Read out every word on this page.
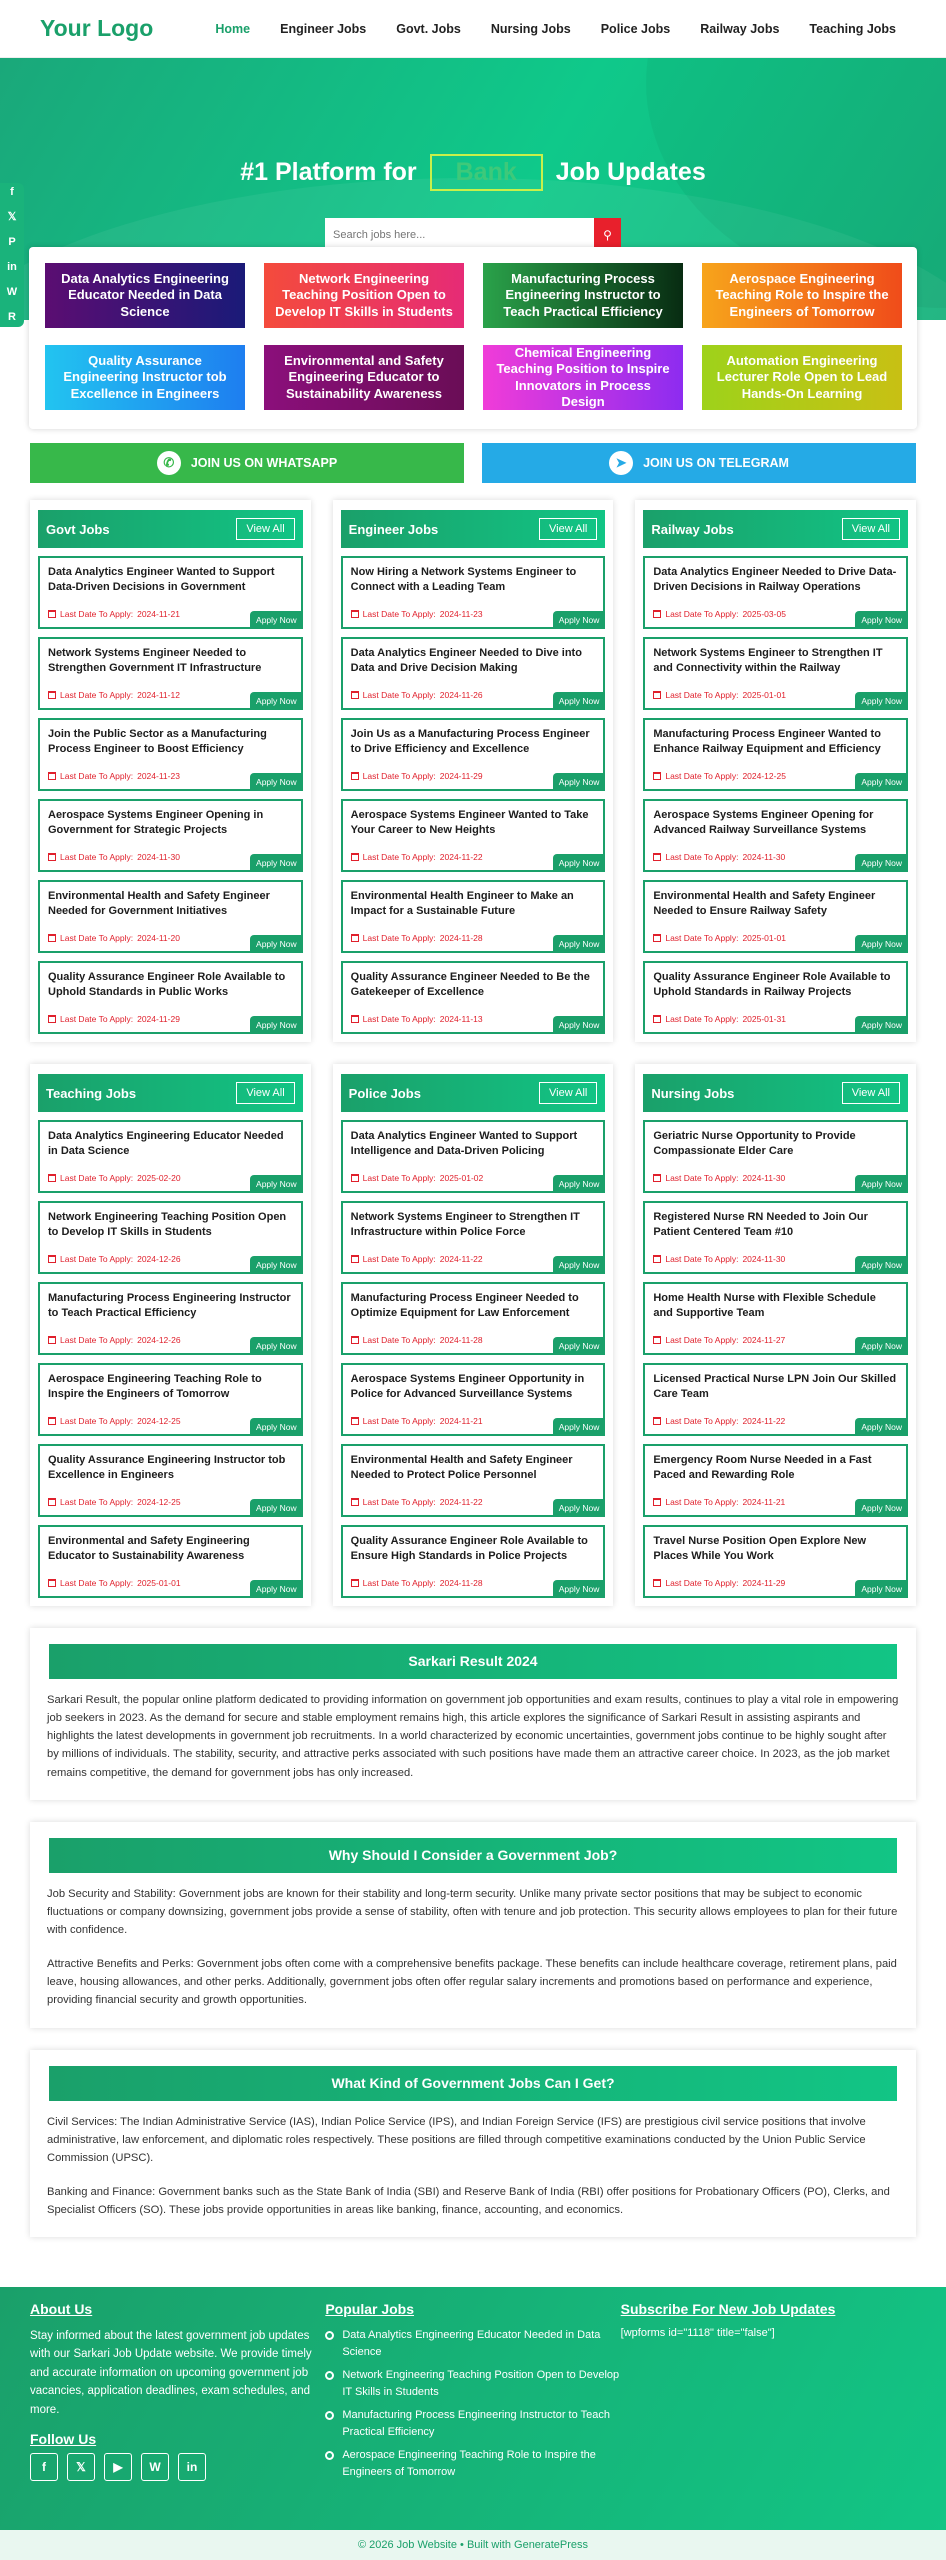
Your Logo	Home Engineer Jobs Govt. Jobs Nursing Jobs Police Jobs Railway Jobs Teaching Jobs
#1 Platform for Bank Job Updates
Search jobs here...
⚲
f
𝕏
P
in
W
R
Data Analytics Engineering Educator Needed in Data Science
Network Engineering Teaching Position Open to Develop IT Skills in Students
Manufacturing Process Engineering Instructor to Teach Practical Efficiency
Aerospace Engineering Teaching Role to Inspire the Engineers of Tomorrow
Quality Assurance Engineering Instructor tob Excellence in Engineers
Environmental and Safety Engineering Educator to Sustainability Awareness
Chemical Engineering Teaching Position to Inspire Innovators in Process Design
Automation Engineering Lecturer Role Open to Lead Hands-On Learning
✆	JOIN US ON WHATSAPP	➤	JOIN US ON TELEGRAM
Govt Jobs	View All
Data Analytics Engineer Wanted to Support Data-Driven Decisions in Government
Last Date To Apply: 2024-11-21
Apply Now
Network Systems Engineer Needed to Strengthen Government IT Infrastructure
Last Date To Apply: 2024-11-12
Apply Now
Join the Public Sector as a Manufacturing Process Engineer to Boost Efficiency
Last Date To Apply: 2024-11-23
Apply Now
Aerospace Systems Engineer Opening in Government for Strategic Projects
Last Date To Apply: 2024-11-30
Apply Now
Environmental Health and Safety Engineer Needed for Government Initiatives
Last Date To Apply: 2024-11-20
Apply Now
Quality Assurance Engineer Role Available to Uphold Standards in Public Works
Last Date To Apply: 2024-11-29
Apply Now
Engineer Jobs	View All
Now Hiring a Network Systems Engineer to Connect with a Leading Team
Last Date To Apply: 2024-11-23
Apply Now
Data Analytics Engineer Needed to Dive into Data and Drive Decision Making
Last Date To Apply: 2024-11-26
Apply Now
Join Us as a Manufacturing Process Engineer to Drive Efficiency and Excellence
Last Date To Apply: 2024-11-29
Apply Now
Aerospace Systems Engineer Wanted to Take Your Career to New Heights
Last Date To Apply: 2024-11-22
Apply Now
Environmental Health Engineer to Make an Impact for a Sustainable Future
Last Date To Apply: 2024-11-28
Apply Now
Quality Assurance Engineer Needed to Be the Gatekeeper of Excellence
Last Date To Apply: 2024-11-13
Apply Now
Railway Jobs	View All
Data Analytics Engineer Needed to Drive Data-Driven Decisions in Railway Operations
Last Date To Apply: 2025-03-05
Apply Now
Network Systems Engineer to Strengthen IT and Connectivity within the Railway
Last Date To Apply: 2025-01-01
Apply Now
Manufacturing Process Engineer Wanted to Enhance Railway Equipment and Efficiency
Last Date To Apply: 2024-12-25
Apply Now
Aerospace Systems Engineer Opening for Advanced Railway Surveillance Systems
Last Date To Apply: 2024-11-30
Apply Now
Environmental Health and Safety Engineer Needed to Ensure Railway Safety
Last Date To Apply: 2025-01-01
Apply Now
Quality Assurance Engineer Role Available to Uphold Standards in Railway Projects
Last Date To Apply: 2025-01-31
Apply Now
Teaching Jobs	View All
Data Analytics Engineering Educator Needed in Data Science
Last Date To Apply: 2025-02-20
Apply Now
Network Engineering Teaching Position Open to Develop IT Skills in Students
Last Date To Apply: 2024-12-26
Apply Now
Manufacturing Process Engineering Instructor to Teach Practical Efficiency
Last Date To Apply: 2024-12-26
Apply Now
Aerospace Engineering Teaching Role to Inspire the Engineers of Tomorrow
Last Date To Apply: 2024-12-25
Apply Now
Quality Assurance Engineering Instructor tob Excellence in Engineers
Last Date To Apply: 2024-12-25
Apply Now
Environmental and Safety Engineering Educator to Sustainability Awareness
Last Date To Apply: 2025-01-01
Apply Now
Police Jobs	View All
Data Analytics Engineer Wanted to Support Intelligence and Data-Driven Policing
Last Date To Apply: 2025-01-02
Apply Now
Network Systems Engineer to Strengthen IT Infrastructure within Police Force
Last Date To Apply: 2024-11-22
Apply Now
Manufacturing Process Engineer Needed to Optimize Equipment for Law Enforcement
Last Date To Apply: 2024-11-28
Apply Now
Aerospace Systems Engineer Opportunity in Police for Advanced Surveillance Systems
Last Date To Apply: 2024-11-21
Apply Now
Environmental Health and Safety Engineer Needed to Protect Police Personnel
Last Date To Apply: 2024-11-22
Apply Now
Quality Assurance Engineer Role Available to Ensure High Standards in Police Projects
Last Date To Apply: 2024-11-28
Apply Now
Nursing Jobs	View All
Geriatric Nurse Opportunity to Provide Compassionate Elder Care
Last Date To Apply: 2024-11-30
Apply Now
Registered Nurse RN Needed to Join Our Patient Centered Team #10
Last Date To Apply: 2024-11-30
Apply Now
Home Health Nurse with Flexible Schedule and Supportive Team
Last Date To Apply: 2024-11-27
Apply Now
Licensed Practical Nurse LPN Join Our Skilled Care Team
Last Date To Apply: 2024-11-22
Apply Now
Emergency Room Nurse Needed in a Fast Paced and Rewarding Role
Last Date To Apply: 2024-11-21
Apply Now
Travel Nurse Position Open Explore New Places While You Work
Last Date To Apply: 2024-11-29
Apply Now
Sarkari Result 2024

Sarkari Result, the popular online platform dedicated to providing information on government job opportunities and exam results, continues to play a vital role in empowering job seekers in 2023. As the demand for secure and stable employment remains high, this article explores the significance of Sarkari Result in assisting aspirants and highlights the latest developments in government job recruitments. In a world characterized by economic uncertainties, government jobs continue to be highly sought after by millions of individuals. The stability, security, and attractive perks associated with such positions have made them an attractive career choice. In 2023, as the job market remains competitive, the demand for government jobs has only increased.

Why Should I Consider a Government Job?

Job Security and Stability: Government jobs are known for their stability and long-term security. Unlike many private sector positions that may be subject to economic fluctuations or company downsizing, government jobs provide a sense of stability, often with tenure and job protection. This security allows employees to plan for their future with confidence.

Attractive Benefits and Perks: Government jobs often come with a comprehensive benefits package. These benefits can include healthcare coverage, retirement plans, paid leave, housing allowances, and other perks. Additionally, government jobs often offer regular salary increments and promotions based on performance and experience, providing financial security and growth opportunities.

What Kind of Government Jobs Can I Get?

Civil Services: The Indian Administrative Service (IAS), Indian Police Service (IPS), and Indian Foreign Service (IFS) are prestigious civil service positions that involve administrative, law enforcement, and diplomatic roles respectively. These positions are filled through competitive examinations conducted by the Union Public Service Commission (UPSC).

Banking and Finance: Government banks such as the State Bank of India (SBI) and Reserve Bank of India (RBI) offer positions for Probationary Officers (PO), Clerks, and Specialist Officers (SO). These jobs provide opportunities in areas like banking, finance, accounting, and economics.

About Us

Stay informed about the latest government job updates with our Sarkari Job Update website. We provide timely and accurate information on upcoming government job vacancies, application deadlines, exam schedules, and more.

Follow Us
f	𝕏	▶	W	in
Popular Jobs
Data Analytics Engineering Educator Needed in Data Science
Network Engineering Teaching Position Open to Develop IT Skills in Students
Manufacturing Process Engineering Instructor to Teach Practical Efficiency
Aerospace Engineering Teaching Role to Inspire the Engineers of Tomorrow
Subscribe For New Job Updates
[wpforms id="1118" title="false"]
© 2026 Job Website • Built with GeneratePress
